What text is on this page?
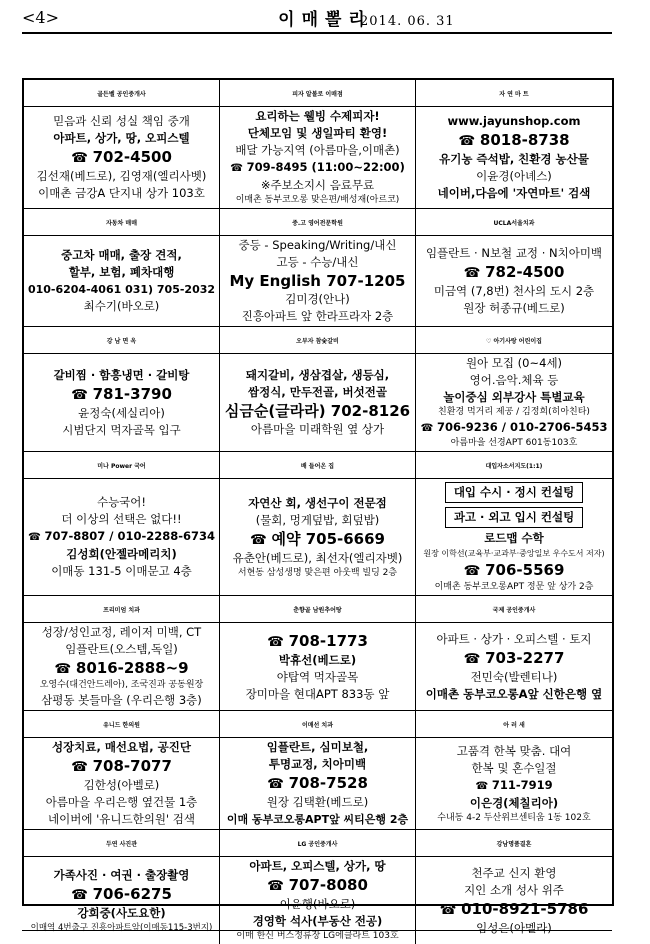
<4>	이매뽈리
2014. 06. 31
골든벨 공인중개사
믿음과 신뢰 성실 책임 중개
아파트, 상가, 땅, 오피스텔
☎ 702-4500
김선재(베드로), 김영재(엘리사벳)
이매촌 금강A 단지내 상가 103호
피자 알볼로 이매점
요리하는 웰빙 수제피자!
단체모임 및 생일파티 환영!
배달 가능지역 (아름마을,이매촌)
☎ 709-8495 (11:00~22:00)
※주보소지시 음료무료
이매촌 동부코오롱 맞은편/배성재(아르코)
자 연 마 트
www.jayunshop.com
☎ 8018-8738
유기농 즉석밥, 친환경 농산물
이윤경(아녜스)
네이버,다음에 '자연마트' 검색
자동차 매매
중고차 매매, 출장 견적,
할부, 보험, 폐차대행
010-6204-4061 031) 705-2032
최수기(바오로)
중.고 영어전문학원
중등 - Speaking/Writing/내신
고등 - 수능/내신
My English 707-1205
김미경(안나)
진흥아파트 앞 한라프라자 2층
UCLA서울치과
임플란트 · N보철 교정 · N치아미백
☎ 782-4500
미금역 (7,8번) 천사의 도시 2층
원장 허종규(베드로)
강 남 면 옥
갈비찜 · 함흥냉면 · 갈비탕
☎ 781-3790
윤정숙(세실리아)
시범단지 먹자골목 입구
오부자 참숯갈비
돼지갈비, 생삼겹살, 생등심,
쌈정식, 만두전골, 버섯전골
심금순(글라라) 702-8126
아름마을 미래학원 옆 상가
♡ 아기사랑 어린이집
원아 모집 (0~4세)
영어.음악.체육 등
놀이중심 외부강사 특별교육
친환경 먹거리 제공 / 김정희(히아친타)
☎ 706-9236 / 010-2706-5453
아름마을 선경APT 601동103호
미나 Power 국어
수능국어!
더 이상의 선택은 없다!!
☎ 707-8807 / 010-2288-6734
김성희(안젤라메리치)
이매동 131-5 이매문고 4층
배 들어온 집
자연산 회, 생선구이 전문점
(물회, 멍게덮밥, 회덮밥)
☎ 예약 705-6669
유춘안(베드로), 최선자(엘리자벳)
서현동 삼성생명 맞은편 아웃백 빌딩 2층
대입자소서지도(1:1)
대입 수시 · 정시 컨설팅
과고 · 외고 입시 컨설팅
로드맵 수학
원장 이학선(교육부·교과부·중앙일보 우수도서 저자)
☎ 706-5569
이매촌 동부코오롱APT 정문 앞 상가 2층
프리미엄 치과
성장/성인교정, 레이저 미백, CT
임플란트(오스템,독일)
☎ 8016-2888~9
오영수(대건안드레아), 조국진과 공동원장
삼평동 봇들마을 (우리은행 3층)
춘향골 남원추어탕
☎ 708-1773
박휴선(베드로)
야탑역 먹자골목
장미마을 현대APT 833동 앞
국제 공인중개사
아파트 · 상가 · 오피스텔 · 토지
☎ 703-2277
전민숙(발렌티나)
이매촌 동부코오롱A앞 신한은행 옆
유니드 한의원
성장치료, 매선요법, 공진단
☎ 708-7077
김한성(아벨로)
아름마을 우리은행 옆건물 1층
네이버에 '유니드한의원' 검색
이매선 치과
임플란트, 심미보철,
투명교정, 치아미백
☎ 708-7528
원장 김택환(베드로)
이매 동부코오롱APT앞 씨티은행 2층
아 러 새
고품격 한복 맞춤. 대여
한복 및 혼수일절
☎ 711-7919
이은경(체칠리아)
수내동 4-2 두산위브센티움 1동 102호
두연 사진관
가족사진 · 여권 · 출장촬영
☎ 706-6275
강희중(사도요한)
이매역 4번출구 진흥아파트앞(이매동115-3번지)
LG 공인중개사
아파트, 오피스텔, 상가, 땅
☎ 707-8080
이윤행(바오로)
경영학 석사(부동산 전공)
이매 한신 버스정류장 LG에클라트 103호
강남명품결혼
천주교 신지 환영
지인 소개 성사 위주
☎ 010-8921-5786
임성은(아멜라)
